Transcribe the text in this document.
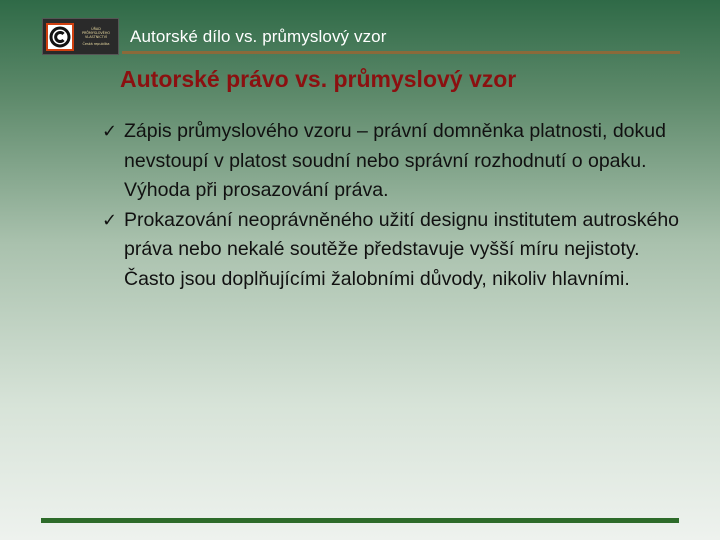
ÚŘAD
PRŮMYSLOVÉHO
VLASTNICTVÍ
Česká republika	Autorské dílo vs. průmyslový vzor
Autorské právo vs. průmyslový vzor
✓ Zápis průmyslového vzoru – právní domněnka platnosti, dokud nevstoupí v platost soudní nebo správní rozhodnutí o opaku. Výhoda při prosazování práva.
✓ Prokazování neoprávněného užití designu institutem autroského práva nebo nekalé soutěže představuje vyšší míru nejistoty. Často jsou doplňujícími žalobními důvody, nikoliv hlavními.
